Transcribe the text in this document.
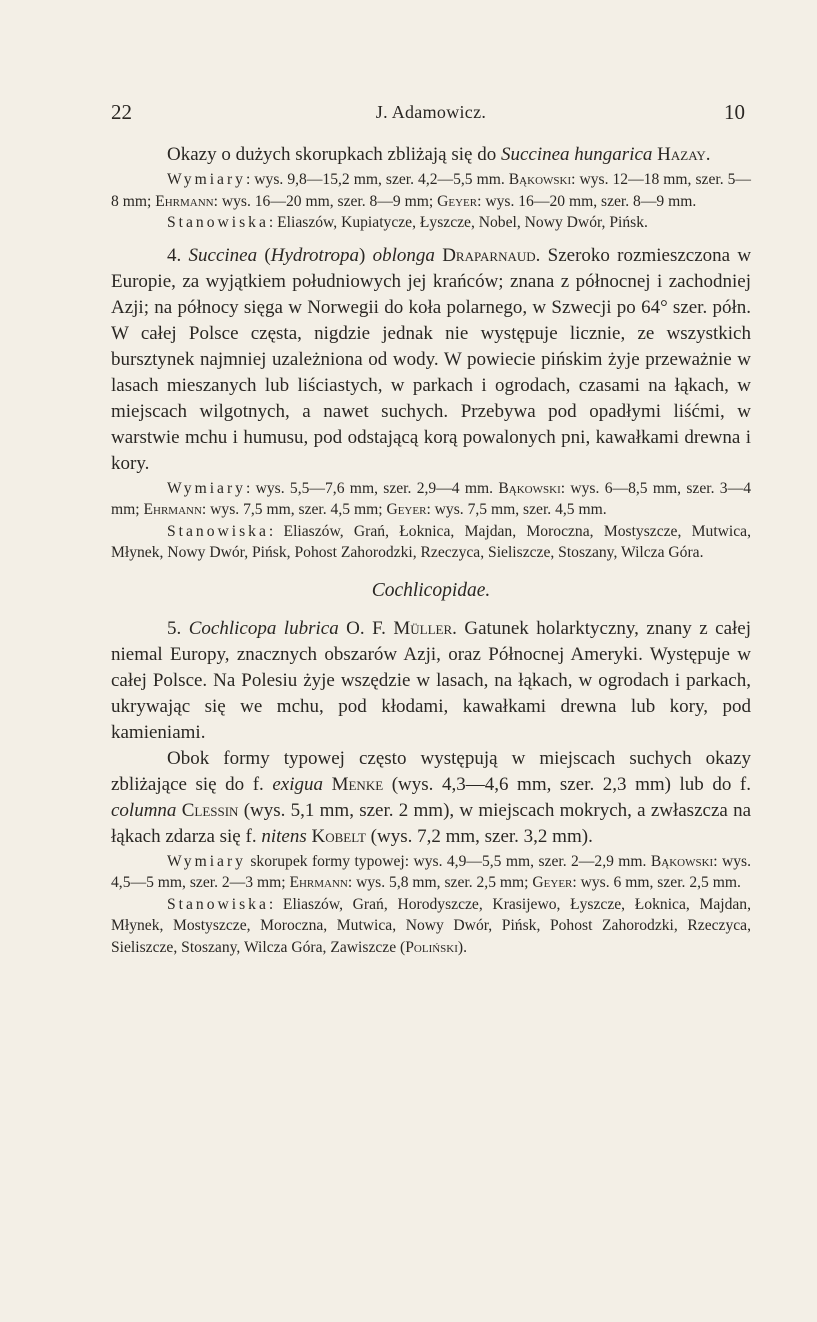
22	J. Adamowicz.	10

Okazy o dużych skorupkach zbliżają się do Succinea hungarica Hazay.

Wymiary: wys. 9,8—15,2 mm, szer. 4,2—5,5 mm. Bąkowski: wys. 12—18 mm, szer. 5—8 mm; Ehrmann: wys. 16—20 mm, szer. 8—9 mm; Geyer: wys. 16—20 mm, szer. 8—9 mm.

Stanowiska: Eliaszów, Kupiatycze, Łyszcze, Nobel, Nowy Dwór, Pińsk.

4. Succinea (Hydrotropa) oblonga Draparnaud. Szeroko rozmieszczona w Europie, za wyjątkiem południowych jej krańców; znana z północnej i zachodniej Azji; na północy sięga w Norwegii do koła polarnego, w Szwecji po 64° szer. półn. W całej Polsce częsta, nigdzie jednak nie występuje licznie, ze wszystkich bursztynek najmniej uzależniona od wody. W powiecie pińskim żyje przeważnie w lasach mieszanych lub liściastych, w parkach i ogrodach, czasami na łąkach, w miejscach wilgotnych, a nawet suchych. Przebywa pod opadłymi liśćmi, w warstwie mchu i humusu, pod odstającą korą powalonych pni, kawałkami drewna i kory.

Wymiary: wys. 5,5—7,6 mm, szer. 2,9—4 mm. Bąkowski: wys. 6—8,5 mm, szer. 3—4 mm; Ehrmann: wys. 7,5 mm, szer. 4,5 mm; Geyer: wys. 7,5 mm, szer. 4,5 mm.

Stanowiska: Eliaszów, Grań, Łoknica, Majdan, Moroczna, Mostyszcze, Mutwica, Młynek, Nowy Dwór, Pińsk, Pohost Zahorodzki, Rzeczyca, Sieliszcze, Stoszany, Wilcza Góra.

Cochlicopidae.

5. Cochlicopa lubrica O. F. Müller. Gatunek holarktyczny, znany z całej niemal Europy, znacznych obszarów Azji, oraz Północnej Ameryki. Występuje w całej Polsce. Na Polesiu żyje wszędzie w lasach, na łąkach, w ogrodach i parkach, ukrywając się we mchu, pod kłodami, kawałkami drewna lub kory, pod kamieniami.

Obok formy typowej często występują w miejscach suchych okazy zbliżające się do f. exigua Menke (wys. 4,3—4,6 mm, szer. 2,3 mm) lub do f. columna Clessin (wys. 5,1 mm, szer. 2 mm), w miejscach mokrych, a zwłaszcza na łąkach zdarza się f. nitens Kobelt (wys. 7,2 mm, szer. 3,2 mm).

Wymiary skorupek formy typowej: wys. 4,9—5,5 mm, szer. 2—2,9 mm. Bąkowski: wys. 4,5—5 mm, szer. 2—3 mm; Ehrmann: wys. 5,8 mm, szer. 2,5 mm; Geyer: wys. 6 mm, szer. 2,5 mm.

Stanowiska: Eliaszów, Grań, Horodyszcze, Krasijewo, Łyszcze, Łoknica, Majdan, Młynek, Mostyszcze, Moroczna, Mutwica, Nowy Dwór, Pińsk, Pohost Zahorodzki, Rzeczyca, Sieliszcze, Stoszany, Wilcza Góra, Zawiszcze (Poliński).
